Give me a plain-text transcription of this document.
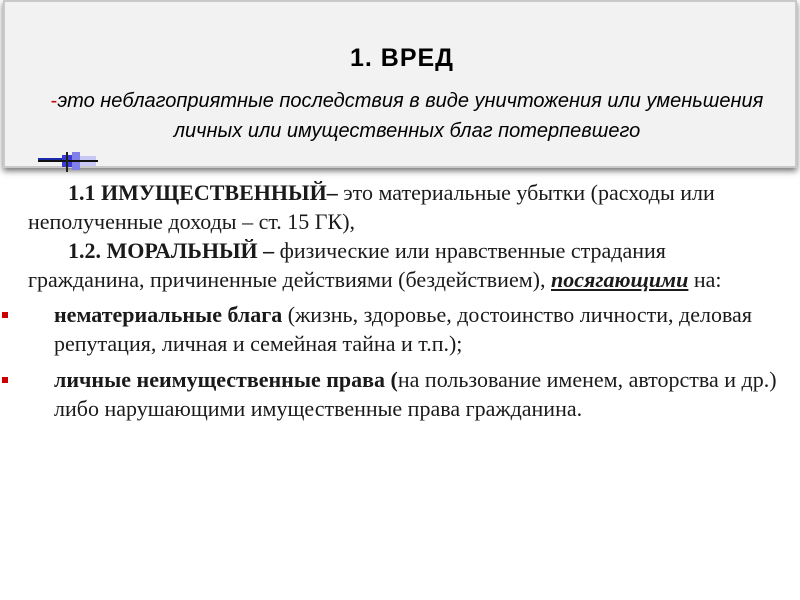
1. ВРЕД
-это неблагоприятные последствия в виде уничтожения или уменьшения личных или имущественных благ потерпевшего

1.1 ИМУЩЕСТВЕННЫЙ– это материальные убытки (расходы или неполученные доходы – ст. 15 ГК),

1.2. МОРАЛЬНЫЙ – физические или нравственные страдания гражданина, причиненные действиями (бездействием), посягающими на:

нематериальные блага (жизнь, здоровье, достоинство личности, деловая репутация, личная и семейная тайна и т.п.);
личные неимущественные права (на пользование именем, авторства и др.) либо нарушающими имущественные права гражданина.
